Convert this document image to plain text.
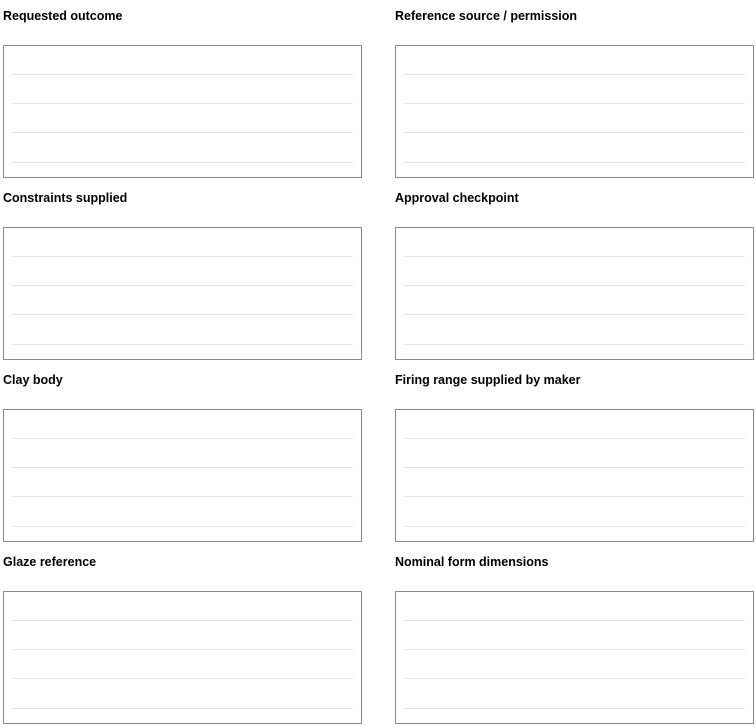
Requested outcome	Reference source / permission
Constraints supplied	Approval checkpoint
Clay body	Firing range supplied by maker
Glaze reference	Nominal form dimensions
